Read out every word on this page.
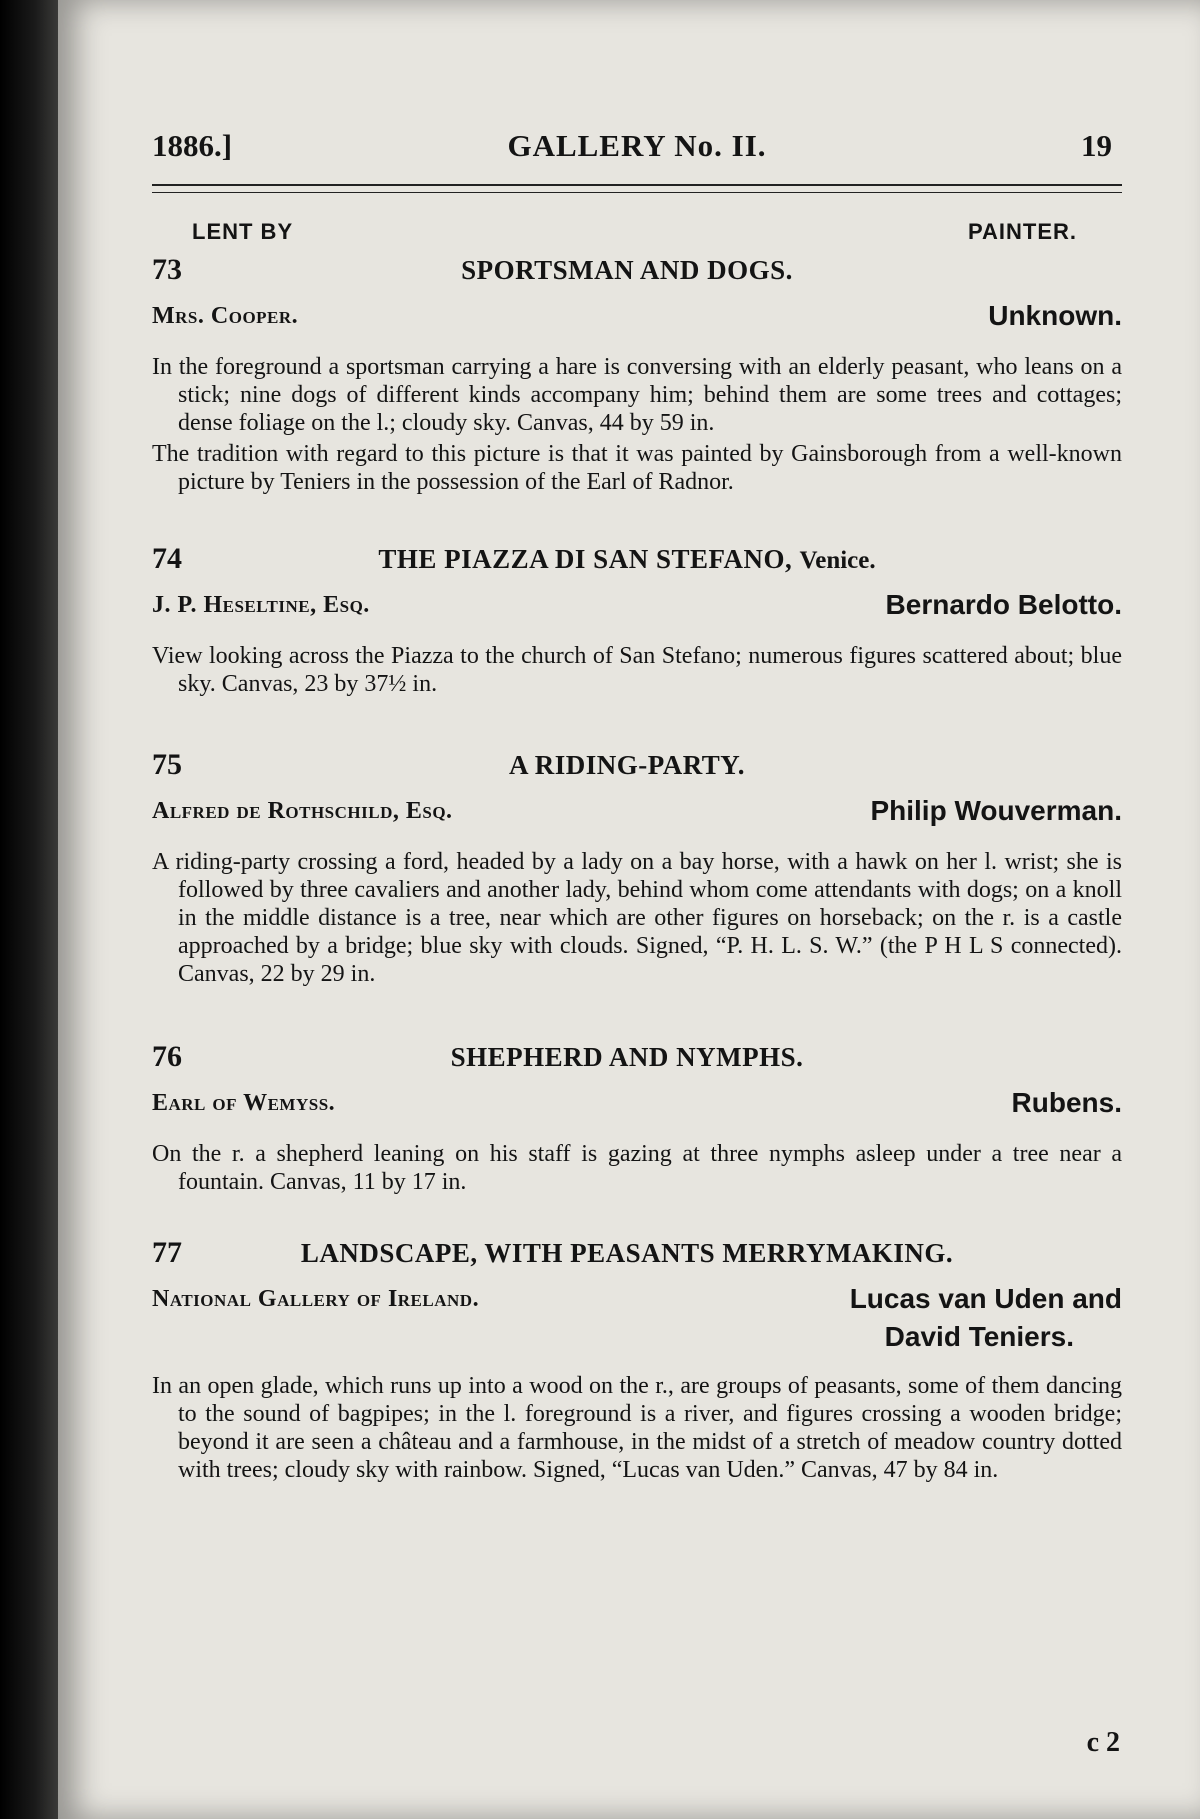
1886.]	GALLERY No. II.	19
LENT BY	PAINTER.
73	SPORTSMAN AND DOGS.
Mrs. Cooper.	Unknown.

In the foreground a sportsman carrying a hare is conversing with an elderly peasant, who leans on a stick; nine dogs of different kinds accompany him; behind them are some trees and cottages; dense foliage on the l.; cloudy sky. Canvas, 44 by 59 in.

The tradition with regard to this picture is that it was painted by Gainsborough from a well-known picture by Teniers in the possession of the Earl of Radnor.

74	THE PIAZZA DI SAN STEFANO, Venice.
J. P. Heseltine, Esq.	Bernardo Belotto.

View looking across the Piazza to the church of San Stefano; numerous figures scattered about; blue sky. Canvas, 23 by 37½ in.

75	A RIDING-PARTY.
Alfred de Rothschild, Esq.	Philip Wouverman.

A riding-party crossing a ford, headed by a lady on a bay horse, with a hawk on her l. wrist; she is followed by three cavaliers and another lady, behind whom come attendants with dogs; on a knoll in the middle distance is a tree, near which are other figures on horseback; on the r. is a castle approached by a bridge; blue sky with clouds. Signed, “P. H. L. S. W.” (the P H L S connected). Canvas, 22 by 29 in.

76	SHEPHERD AND NYMPHS.
Earl of Wemyss.	Rubens.

On the r. a shepherd leaning on his staff is gazing at three nymphs asleep under a tree near a fountain. Canvas, 11 by 17 in.

77	LANDSCAPE, WITH PEASANTS MERRYMAKING.
National Gallery of Ireland.	Lucas van Uden and
David Teniers.

In an open glade, which runs up into a wood on the r., are groups of peasants, some of them dancing to the sound of bagpipes; in the l. foreground is a river, and figures crossing a wooden bridge; beyond it are seen a château and a farmhouse, in the midst of a stretch of meadow country dotted with trees; cloudy sky with rainbow. Signed, “Lucas van Uden.” Canvas, 47 by 84 in.

c 2
